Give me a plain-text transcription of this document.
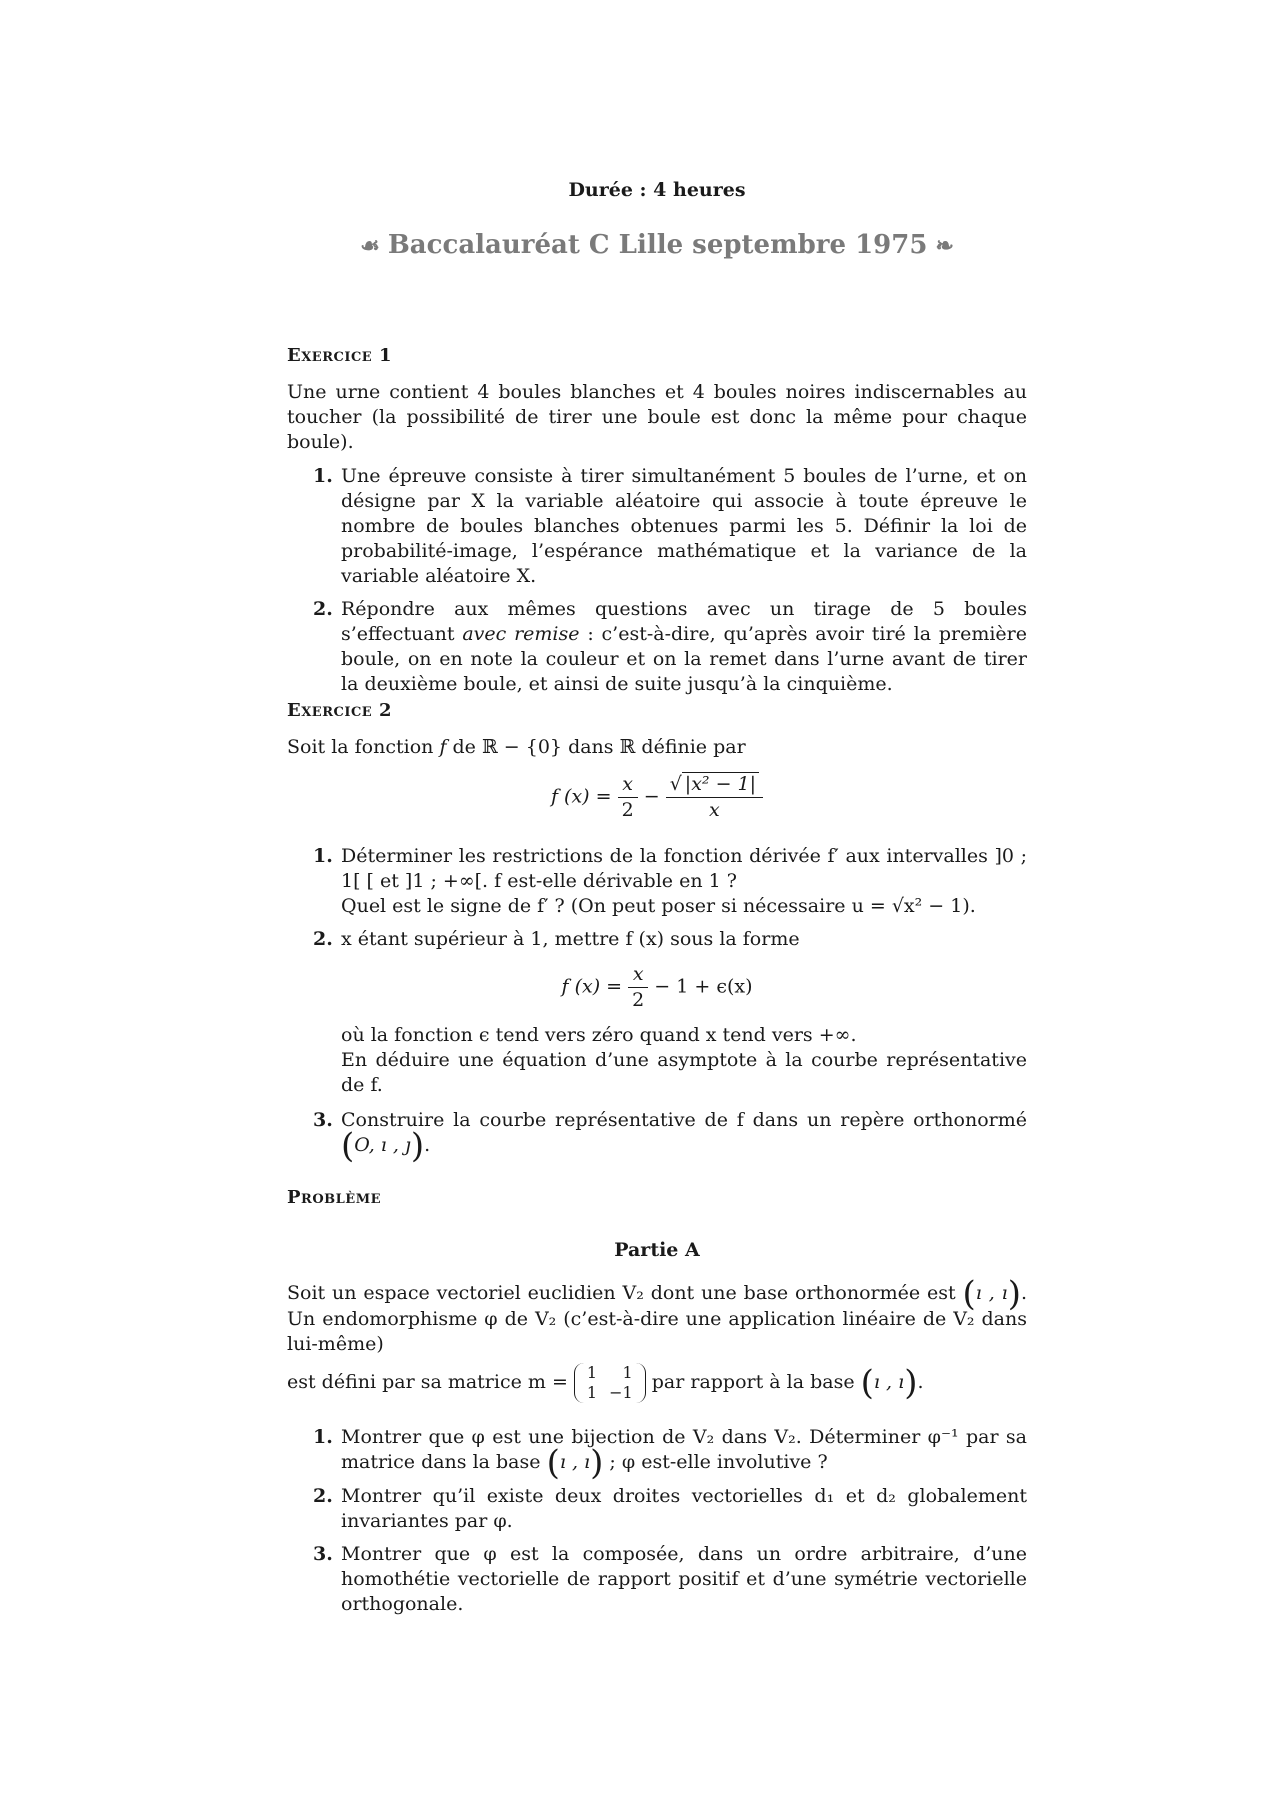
Durée : 4 heures
☙ Baccalauréat C Lille septembre 1975 ❧
Exercice 1
Une urne contient 4 boules blanches et 4 boules noires indiscernables au toucher (la possibilité de tirer une boule est donc la même pour chaque boule).
1. Une épreuve consiste à tirer simultanément 5 boules de l’urne, et on désigne par X la variable aléatoire qui associe à toute épreuve le nombre de boules blanches obtenues parmi les 5. Définir la loi de probabilité-image, l’espérance mathématique et la variance de la variable aléatoire X.
2. Répondre aux mêmes questions avec un tirage de 5 boules s’effectuant avec remise : c’est-à-dire, qu’après avoir tiré la première boule, on en note la couleur et on la remet dans l’urne avant de tirer la deuxième boule, et ainsi de suite jusqu’à la cinquième.
Exercice 2
Soit la fonction f de ℝ − {0} dans ℝ définie par
f $(x) = \frac{x}{2} - \frac{\text{√ |x² − 1|}}{x}$
1. Déterminer les restrictions de la fonction dérivée f′ aux intervalles ]0 ; 1[ [ et ]1 ; +∞[. f est-elle dérivable en 1 ?
Quel est le signe de f′ ? (On peut poser si nécessaire u = √x² − 1).
2. x étant supérieur à 1, mettre f (x) sous la forme
f $(x) = \frac{x}{2} - 1 + \epsilon(x)$
où la fonction ϵ tend vers zéro quand x tend vers +∞.
En déduire une équation d’une asymptote à la courbe représentative de f.
3. Construire la courbe représentative de f dans un repère orthonormé (O, ı , ȷ).
Problème
Partie A
Soit un espace vectoriel euclidien V₂ dont une base orthonormée est (ı , ı). Un endomorphisme φ de V₂ (c’est-à-dire une application linéaire de V₂ dans lui-même)
est défini par sa matrice m = 1	1
1	−1 par rapport à la base (ı , ı).
1. Montrer que φ est une bijection de V₂ dans V₂. Déterminer φ⁻¹ par sa matrice dans la base (ı , ı) ; φ est-elle involutive ?
2. Montrer qu’il existe deux droites vectorielles d₁ et d₂ globalement invariantes par φ.
3. Montrer que φ est la composée, dans un ordre arbitraire, d’une homothétie vectorielle de rapport positif et d’une symétrie vectorielle orthogonale.
